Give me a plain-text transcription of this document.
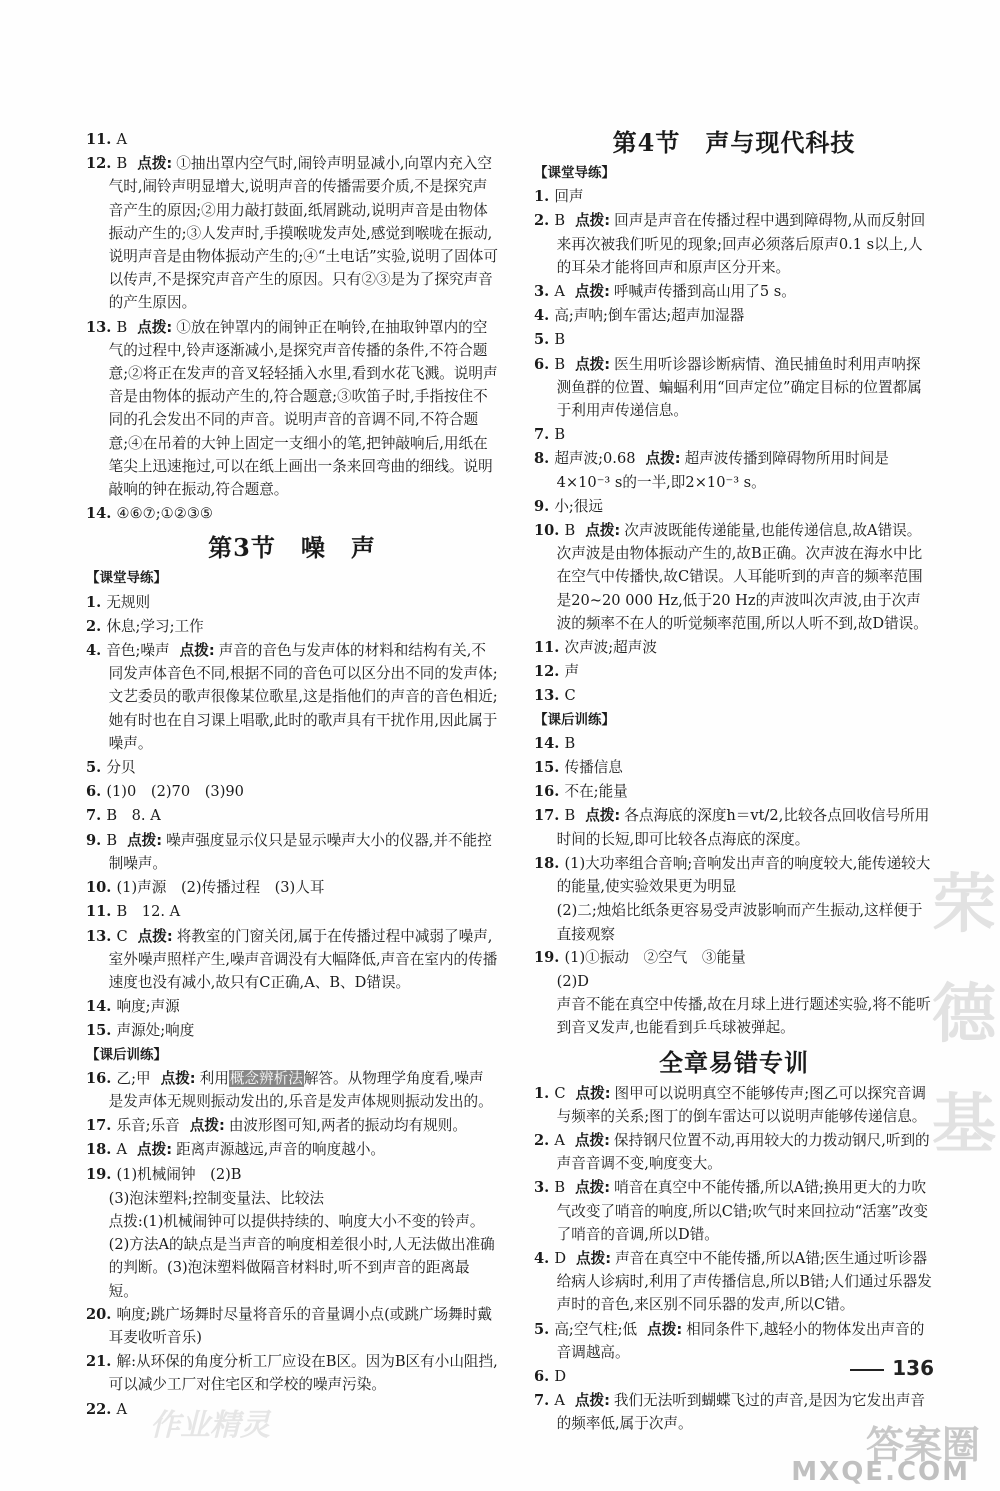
11. A
12. B 点拨: ①抽出罩内空气时,闹铃声明显减小,向罩内充入空气时,闹铃声明显增大,说明声音的传播需要介质,不是探究声音产生的原因;②用力敲打鼓面,纸屑跳动,说明声音是由物体振动产生的;③人发声时,手摸喉咙发声处,感觉到喉咙在振动,说明声音是由物体振动产生的;④“土电话”实验,说明了固体可以传声,不是探究声音产生的原因。只有②③是为了探究声音的产生原因。
13. B 点拨: ①放在钟罩内的闹钟正在响铃,在抽取钟罩内的空气的过程中,铃声逐渐减小,是探究声音传播的条件,不符合题意;②将正在发声的音叉轻轻插入水里,看到水花飞溅。说明声音是由物体的振动产生的,符合题意;③吹笛子时,手指按住不同的孔会发出不同的声音。说明声音的音调不同,不符合题意;④在吊着的大钟上固定一支细小的笔,把钟敲响后,用纸在笔尖上迅速拖过,可以在纸上画出一条来回弯曲的细线。说明敲响的钟在振动,符合题意。
14. ④⑥⑦;①②③⑤
第3节　噪　声
【课堂导练】
1. 无规则
2. 休息;学习;工作
4. 音色;噪声 点拨: 声音的音色与发声体的材料和结构有关,不同发声体音色不同,根据不同的音色可以区分出不同的发声体;文艺委员的歌声很像某位歌星,这是指他们的声音的音色相近;她有时也在自习课上唱歌,此时的歌声具有干扰作用,因此属于噪声。
5. 分贝
6. (1)0　(2)70　(3)90
7. B　8. A
9. B 点拨: 噪声强度显示仪只是显示噪声大小的仪器,并不能控制噪声。
10. (1)声源　(2)传播过程　(3)人耳
11. B　12. A
13. C 点拨: 将教室的门窗关闭,属于在传播过程中减弱了噪声,室外噪声照样产生,噪声音调没有大幅降低,声音在室内的传播速度也没有减小,故只有C正确,A、B、D错误。
14. 响度;声源
15. 声源处;响度
【课后训练】
16. 乙;甲 点拨: 利用概念辨析法解答。从物理学角度看,噪声是发声体无规则振动发出的,乐音是发声体规则振动发出的。
17. 乐音;乐音 点拨: 由波形图可知,两者的振动均有规则。
18. A 点拨: 距离声源越远,声音的响度越小。
19. (1)机械闹钟　(2)B
(3)泡沫塑料;控制变量法、比较法
点拨:(1)机械闹钟可以提供持续的、响度大小不变的铃声。(2)方法A的缺点是当声音的响度相差很小时,人无法做出准确的判断。(3)泡沫塑料做隔音材料时,听不到声音的距离最短。
20. 响度;跳广场舞时尽量将音乐的音量调小点(或跳广场舞时戴耳麦收听音乐)
21. 解:从环保的角度分析工厂应设在B区。因为B区有小山阻挡,可以减少工厂对住宅区和学校的噪声污染。
22. A
第4节　声与现代科技
【课堂导练】
1. 回声
2. B 点拨: 回声是声音在传播过程中遇到障碍物,从而反射回来再次被我们听见的现象;回声必须落后原声0.1 s以上,人的耳朵才能将回声和原声区分开来。
3. A 点拨: 呼喊声传播到高山用了5 s。
4. 高;声呐;倒车雷达;超声加湿器
5. B
6. B 点拨: 医生用听诊器诊断病情、渔民捕鱼时利用声呐探测鱼群的位置、蝙蝠利用“回声定位”确定目标的位置都属于利用声传递信息。
7. B
8. 超声波;0.68 点拨: 超声波传播到障碍物所用时间是4×10⁻³ s的一半,即2×10⁻³ s。
9. 小;很远
10. B 点拨: 次声波既能传递能量,也能传递信息,故A错误。次声波是由物体振动产生的,故B正确。次声波在海水中比在空气中传播快,故C错误。人耳能听到的声音的频率范围是20~20 000 Hz,低于20 Hz的声波叫次声波,由于次声波的频率不在人的听觉频率范围,所以人听不到,故D错误。
11. 次声波;超声波
12. 声
13. C
【课后训练】
14. B
15. 传播信息
16. 不在;能量
17. B 点拨: 各点海底的深度h＝vt/2,比较各点回收信号所用时间的长短,即可比较各点海底的深度。
18. (1)大功率组合音响;音响发出声音的响度较大,能传递较大的能量,使实验效果更为明显
(2)二;烛焰比纸条更容易受声波影响而产生振动,这样便于直接观察
19. (1)①振动　②空气　③能量
(2)D
声音不能在真空中传播,故在月球上进行题述实验,将不能听到音叉发声,也能看到乒乓球被弹起。
全章易错专训
1. C 点拨: 图甲可以说明真空不能够传声;图乙可以探究音调与频率的关系;图丁的倒车雷达可以说明声能够传递信息。
2. A 点拨: 保持钢尺位置不动,再用较大的力拨动钢尺,听到的声音音调不变,响度变大。
3. B 点拨: 哨音在真空中不能传播,所以A错;换用更大的力吹气改变了哨音的响度,所以C错;吹气时来回拉动“活塞”改变了哨音的音调,所以D错。
4. D 点拨: 声音在真空中不能传播,所以A错;医生通过听诊器给病人诊病时,利用了声传播信息,所以B错;人们通过乐器发声时的音色,来区别不同乐器的发声,所以C错。
5. 高;空气柱;低 点拨: 相同条件下,越轻小的物体发出声音的音调越高。
6. D
7. A 点拨: 我们无法听到蝴蝶飞过的声音,是因为它发出声音的频率低,属于次声。
136
荣德基
作业精灵	答案圈
MXQE.COM
